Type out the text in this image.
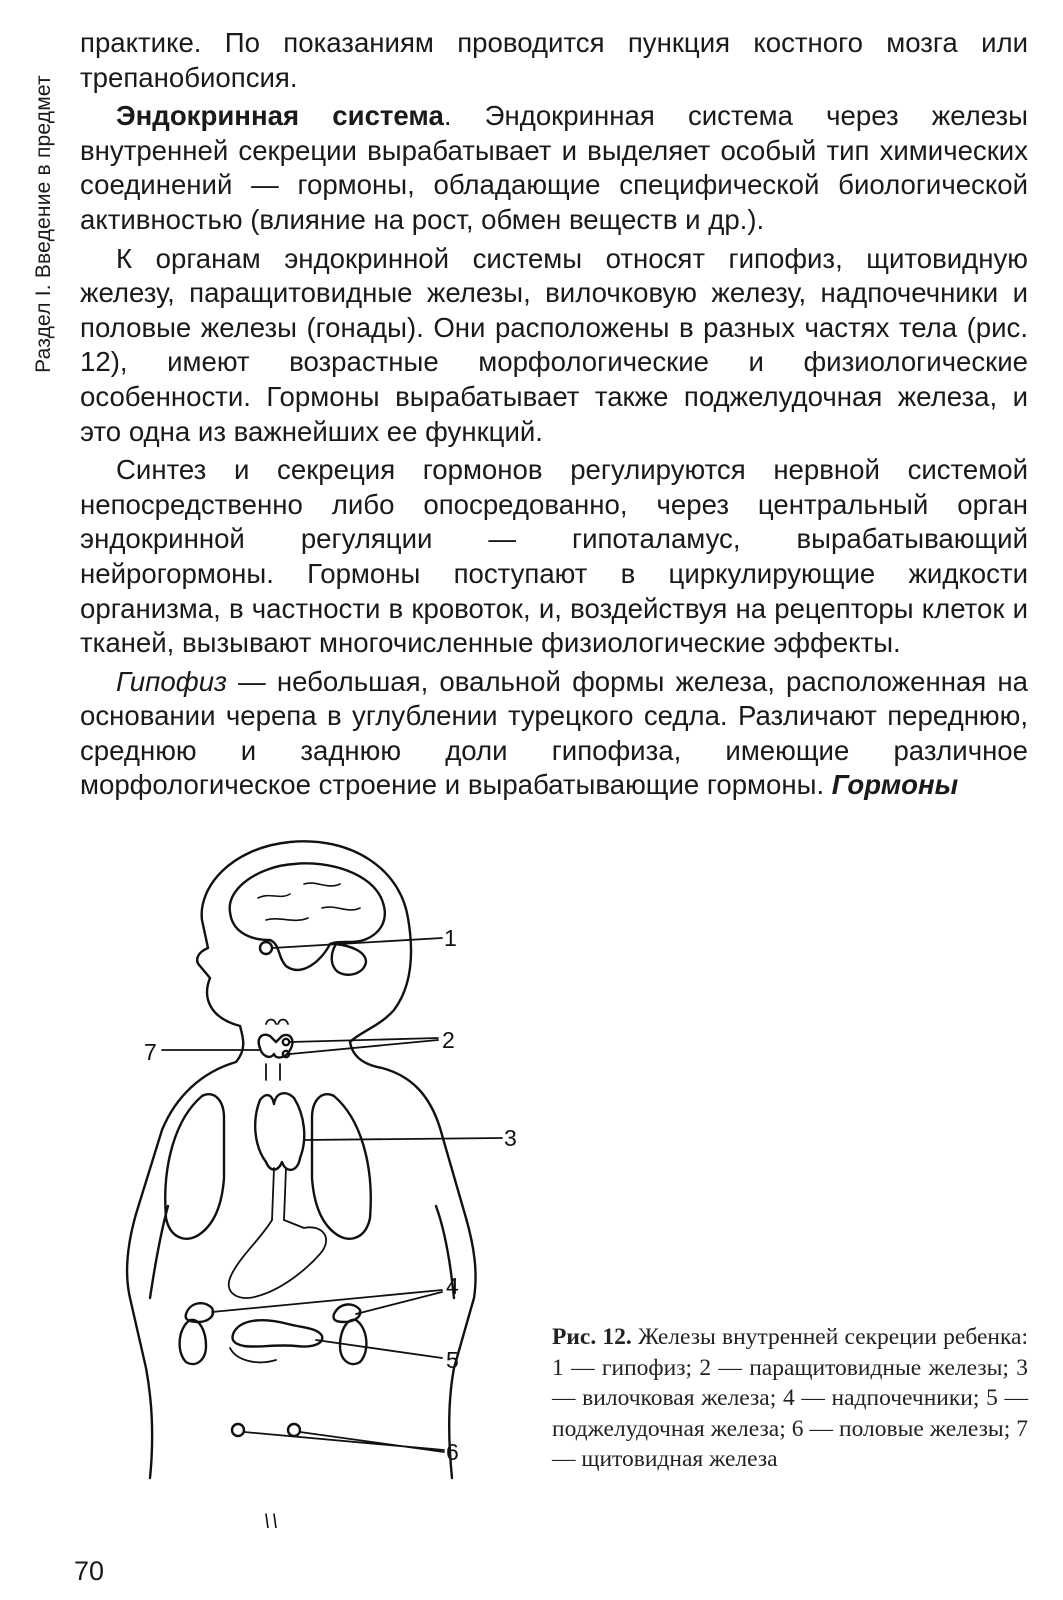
Раздел I. Введение в предмет

практике. По показаниям проводится пункция костного мозга или трепанобиопсия.

Эндокринная система. Эндокринная система через железы внутренней секреции вырабатывает и выделяет особый тип химических соединений — гормоны, обладающие специфической биологической активностью (влияние на рост, обмен веществ и др.).

К органам эндокринной системы относят гипофиз, щитовидную железу, паращитовидные железы, вилочковую железу, надпочечники и половые железы (гонады). Они расположены в разных частях тела (рис. 12), имеют возрастные морфологические и физиологические особенности. Гормоны вырабатывает также поджелудочная железа, и это одна из важнейших ее функций.

Синтез и секреция гормонов регулируются нервной системой непосредственно либо опосредованно, через центральный орган эндокринной регуляции — гипоталамус, вырабатывающий нейрогормоны. Гормоны поступают в циркулирующие жидкости организма, в частности в кровоток, и, воздействуя на рецепторы клеток и тканей, вызывают многочисленные физиологические эффекты.

Гипофиз — небольшая, овальной формы железа, расположенная на основании черепа в углублении турецкого седла. Различают переднюю, среднюю и заднюю доли гипофиза, имеющие различное морфологическое строение и вырабатывающие гормоны. Гормоны

1
2
3
4
5
6
7
Рис. 12. Железы внутренней секреции ребенка: 1 — гипофиз; 2 — паращитовидные железы; 3 — вилочковая железа; 4 — надпочечники; 5 — поджелудочная железа; 6 — половые железы; 7 — щитовидная железа
70
